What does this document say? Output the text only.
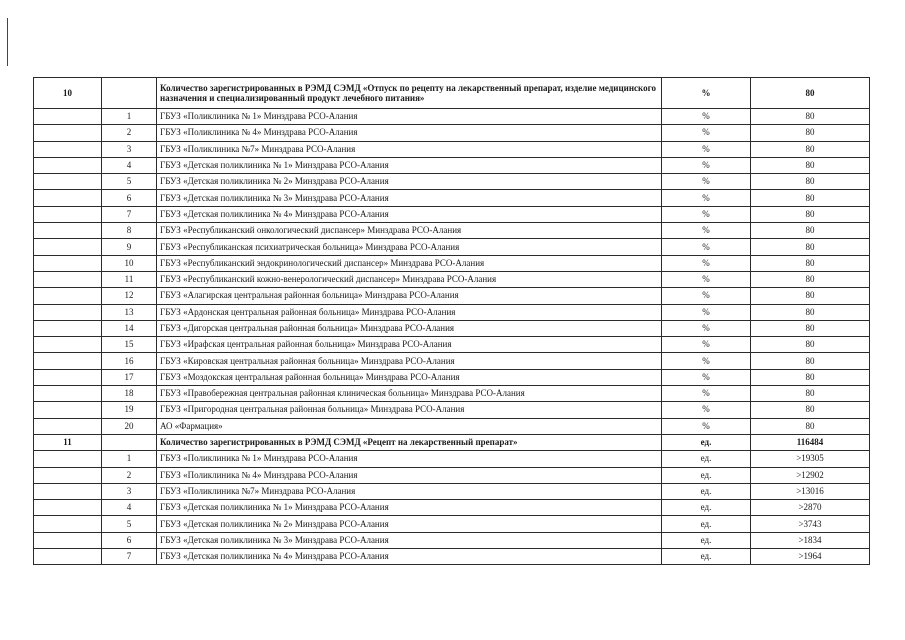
10		Количество зарегистрированных в РЭМД СЭМД «Отпуск по рецепту на лекарственный препарат, изделие медицинского назначения и специализированный продукт лечебного питания»	%	80
	1	ГБУЗ «Поликлиника № 1» Минздрава РСО-Алания	%	80
	2	ГБУЗ «Поликлиника № 4» Минздрава РСО-Алания	%	80
	3	ГБУЗ «Поликлиника №7» Минздрава РСО-Алания	%	80
	4	ГБУЗ «Детская поликлиника № 1» Минздрава РСО-Алания	%	80
	5	ГБУЗ «Детская поликлиника № 2» Минздрава РСО-Алания	%	80
	6	ГБУЗ «Детская поликлиника № 3» Минздрава РСО-Алания	%	80
	7	ГБУЗ «Детская поликлиника № 4» Минздрава РСО-Алания	%	80
	8	ГБУЗ «Республиканский онкологический диспансер» Минздрава РСО-Алания	%	80
	9	ГБУЗ «Республиканская психиатрическая больница» Минздрава РСО-Алания	%	80
	10	ГБУЗ «Республиканский эндокринологический диспансер» Минздрава РСО-Алания	%	80
	11	ГБУЗ «Республиканский кожно-венерологический диспансер» Минздрава РСО-Алания	%	80
	12	ГБУЗ «Алагирская центральная районная больница» Минздрава РСО-Алания	%	80
	13	ГБУЗ «Ардонская центральная районная больница» Минздрава РСО-Алания	%	80
	14	ГБУЗ «Дигорская центральная районная больница» Минздрава РСО-Алания	%	80
	15	ГБУЗ «Ирафская центральная районная больница» Минздрава РСО-Алания	%	80
	16	ГБУЗ «Кировская центральная районная больница» Минздрава РСО-Алания	%	80
	17	ГБУЗ «Моздокская центральная районная больница» Минздрава РСО-Алания	%	80
	18	ГБУЗ «Правобережная центральная районная клиническая больница» Минздрава РСО-Алания	%	80
	19	ГБУЗ «Пригородная центральная районная больница» Минздрава РСО-Алания	%	80
	20	АО «Фармация»	%	80
11		Количество зарегистрированных в РЭМД СЭМД «Рецепт на лекарственный препарат»	ед.	116484
	1	ГБУЗ «Поликлиника № 1» Минздрава РСО-Алания	ед.	>19305
	2	ГБУЗ «Поликлиника № 4» Минздрава РСО-Алания	ед.	>12902
	3	ГБУЗ «Поликлиника №7» Минздрава РСО-Алания	ед.	>13016
	4	ГБУЗ «Детская поликлиника № 1» Минздрава РСО-Алания	ед.	>2870
	5	ГБУЗ «Детская поликлиника № 2» Минздрава РСО-Алания	ед.	>3743
	6	ГБУЗ «Детская поликлиника № 3» Минздрава РСО-Алания	ед.	>1834
	7	ГБУЗ «Детская поликлиника № 4» Минздрава РСО-Алания	ед.	>1964
